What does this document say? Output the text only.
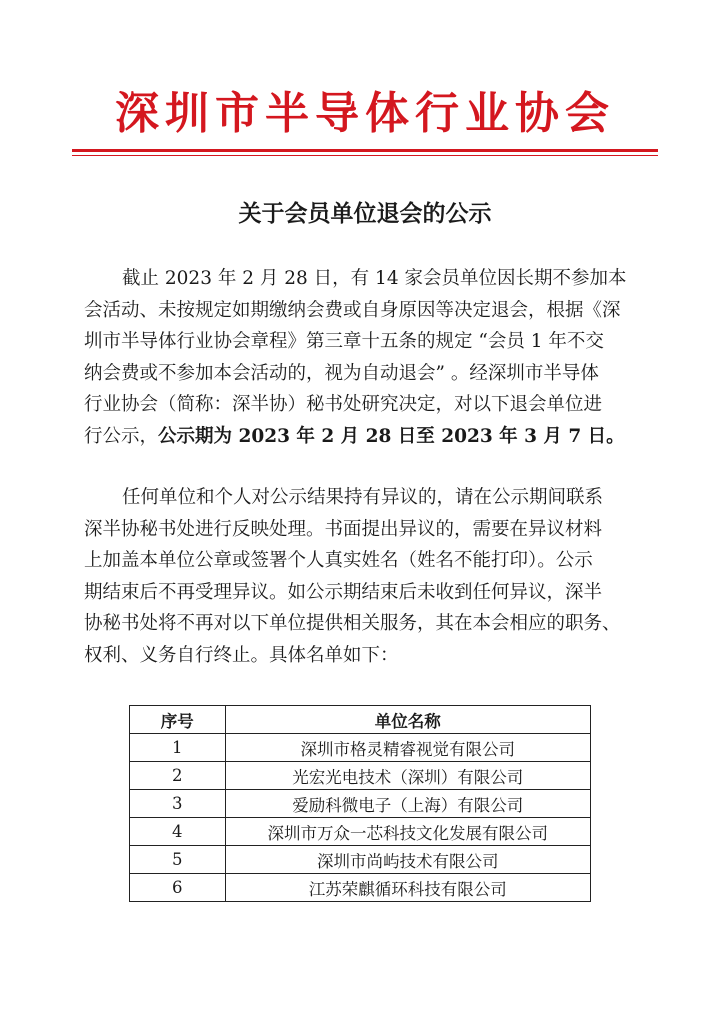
深圳市半导体行业协会
关于会员单位退会的公示

截止 2023 年 2 月 28 日，有 14 家会员单位因长期不参加本

会活动、未按规定如期缴纳会费或自身原因等决定退会，根据《深

圳市半导体行业协会章程》第三章十五条的规定 “会员 1 年不交

纳会费或不参加本会活动的，视为自动退会” 。经深圳市半导体

行业协会（简称：深半协）秘书处研究决定，对以下退会单位进

行公示，公示期为 2023 年 2 月 28 日至 2023 年 3 月 7 日。

任何单位和个人对公示结果持有异议的，请在公示期间联系

深半协秘书处进行反映处理。书面提出异议的，需要在异议材料

上加盖本单位公章或签署个人真实姓名（姓名不能打印）。公示

期结束后不再受理异议。如公示期结束后未收到任何异议，深半

协秘书处将不再对以下单位提供相关服务，其在本会相应的职务、

权利、义务自行终止。具体名单如下：

序号	单位名称
1	深圳市格灵精睿视觉有限公司
2	光宏光电技术（深圳）有限公司
3	爱励科微电子（上海）有限公司
4	深圳市万众一芯科技文化发展有限公司
5	深圳市尚屿技术有限公司
6	江苏荣麒循环科技有限公司
